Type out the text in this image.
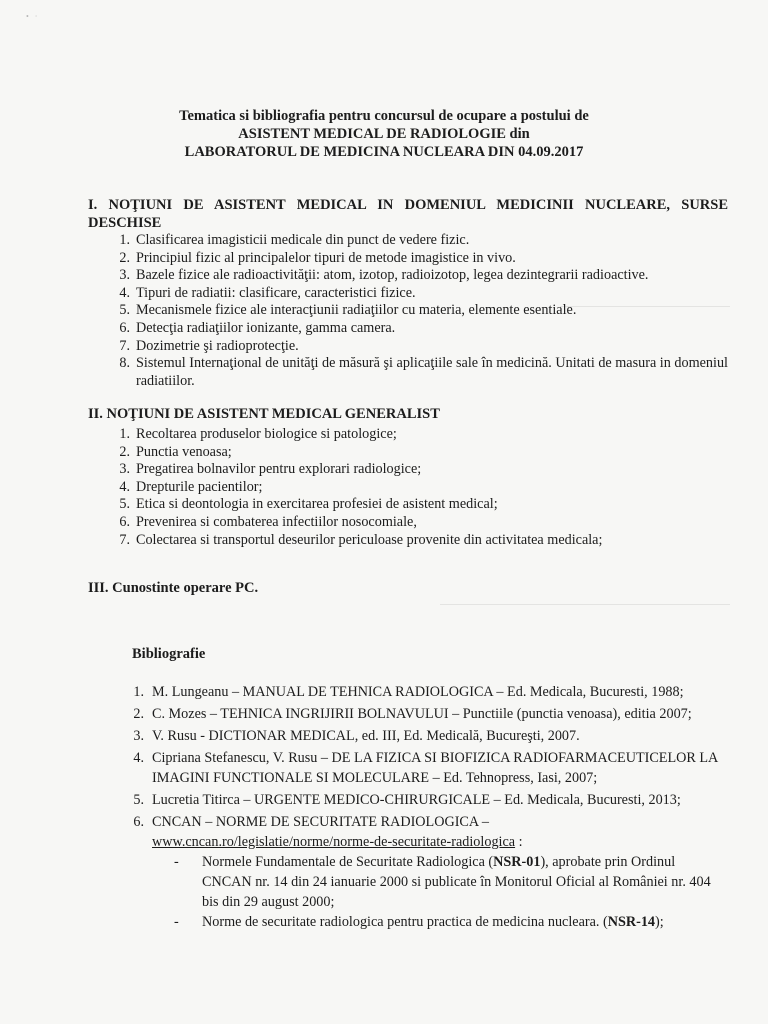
•   ·
Tematica si bibliografia pentru concursul de ocupare a postului de
ASISTENT MEDICAL DE RADIOLOGIE din
LABORATORUL DE MEDICINA NUCLEARA DIN 04.09.2017
I. NOŢIUNI DE ASISTENT MEDICAL IN DOMENIUL MEDICINII NUCLEARE, SURSE
DESCHISE
1. Clasificarea imagisticii medicale din punct de vedere fizic.
2. Principiul fizic al principalelor tipuri de metode imagistice in vivo.
3. Bazele fizice ale radioactivităţii: atom, izotop, radioizotop, legea dezintegrarii radioactive.
4. Tipuri de radiatii: clasificare, caracteristici fizice.
5. Mecanismele fizice ale interacţiunii radiaţiilor cu materia, elemente esentiale.
6. Detecţia radiaţiilor ionizante, gamma camera.
7. Dozimetrie şi radioprotecţie.
8. Sistemul Internaţional de unităţi de măsură şi aplicaţiile sale în medicină. Unitati de masura in domeniul radiatiilor.
II. NOŢIUNI DE ASISTENT MEDICAL GENERALIST
1. Recoltarea produselor biologice si patologice;
2. Punctia venoasa;
3. Pregatirea bolnavilor pentru explorari radiologice;
4. Drepturile pacientilor;
5. Etica si deontologia in exercitarea profesiei de asistent medical;
6. Prevenirea si combaterea infectiilor nosocomiale,
7. Colectarea si transportul deseurilor periculoase provenite din activitatea medicala;
III. Cunostinte operare PC.
Bibliografie
1. M. Lungeanu – MANUAL DE TEHNICA RADIOLOGICA – Ed. Medicala, Bucuresti, 1988;
2. C. Mozes – TEHNICA INGRIJIRII BOLNAVULUI – Punctiile (punctia venoasa), editia 2007;
3. V. Rusu - DICTIONAR MEDICAL, ed. III, Ed. Medicală, Bucureşti, 2007.
4. Cipriana Stefanescu, V. Rusu – DE LA FIZICA SI BIOFIZICA RADIOFARMACEUTICELOR LA IMAGINI FUNCTIONALE SI MOLECULARE – Ed. Tehnopress, Iasi, 2007;
5. Lucretia Titirca – URGENTE MEDICO-CHIRURGICALE – Ed. Medicala, Bucuresti, 2013;
6. CNCAN – NORME DE SECURITATE RADIOLOGICA –
www.cncan.ro/legislatie/norme/norme-de-securitate-radiologica :
- Normele Fundamentale de Securitate Radiologica (NSR-01), aprobate prin Ordinul CNCAN nr. 14 din 24 ianuarie 2000 si publicate în Monitorul Oficial al României nr. 404 bis din 29 august 2000;
- Norme de securitate radiologica pentru practica de medicina nucleara. (NSR-14);
